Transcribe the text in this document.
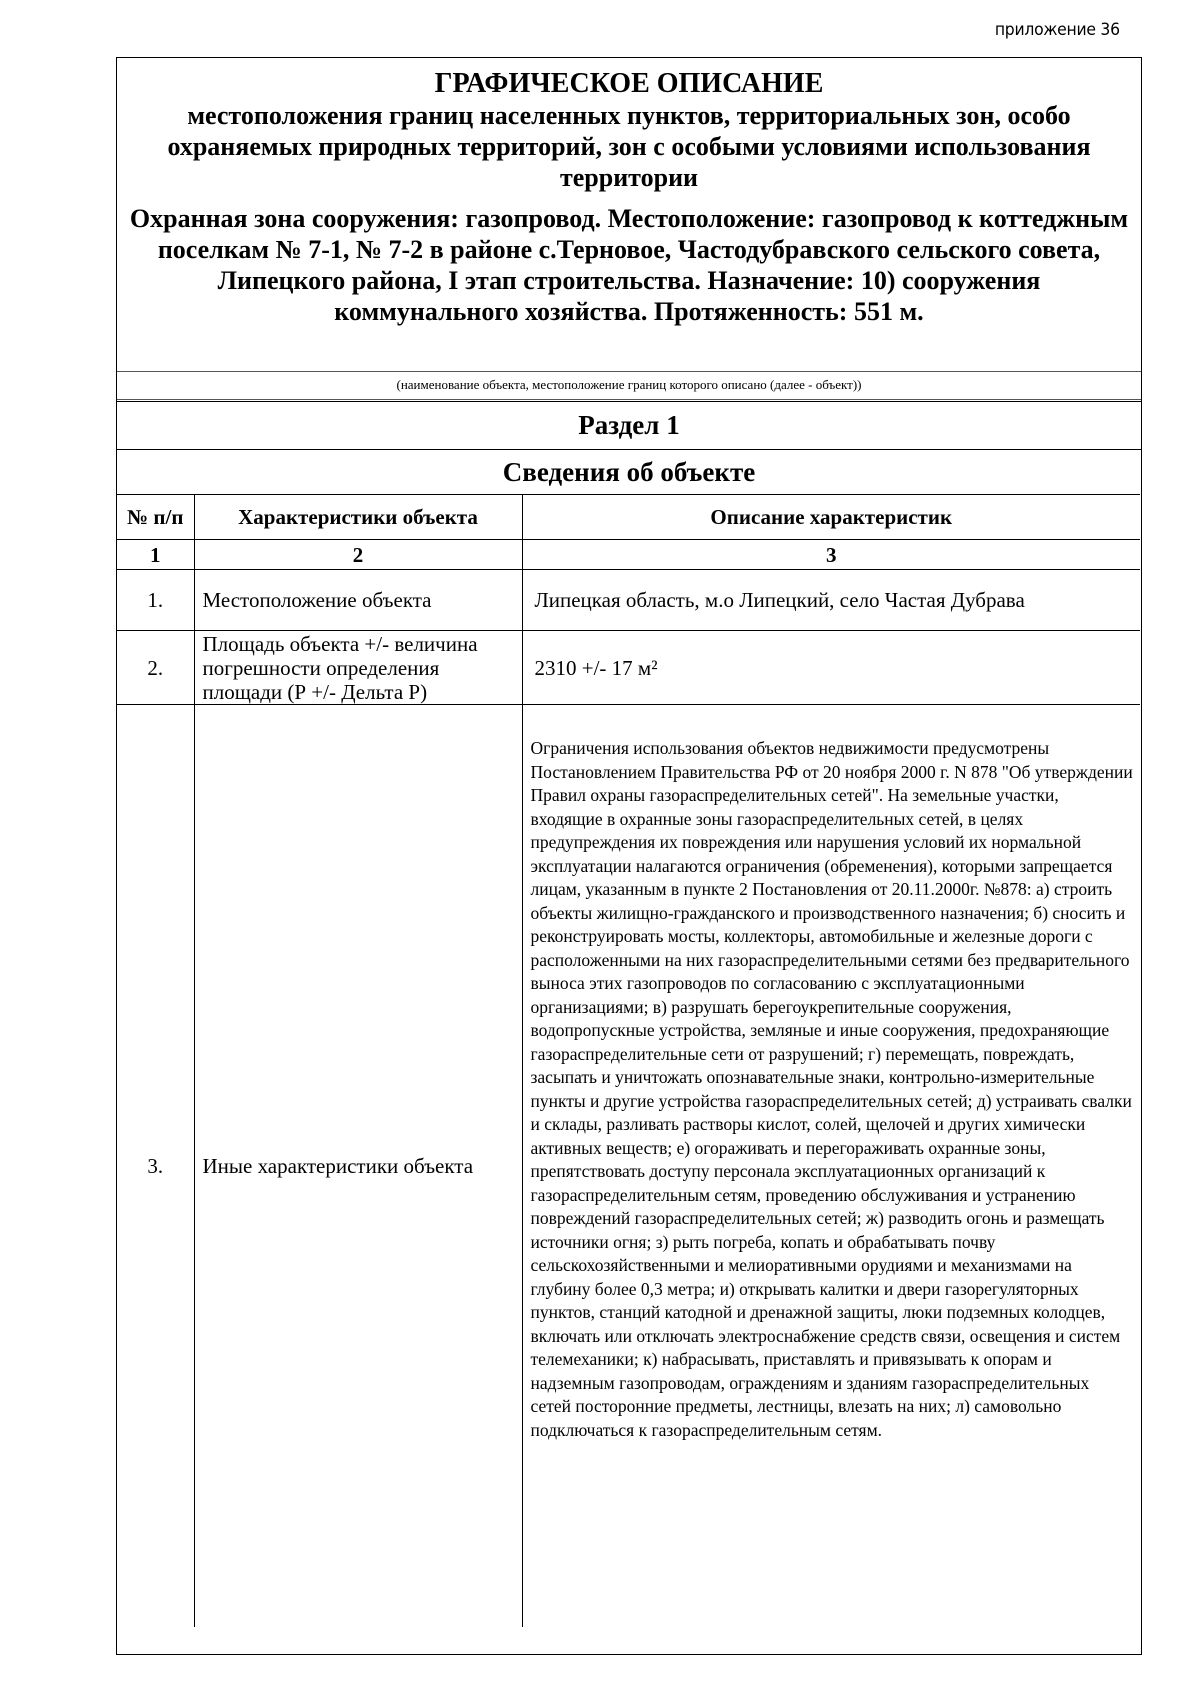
приложение 36
ГРАФИЧЕСКОЕ ОПИСАНИЕ
местоположения границ населенных пунктов, территориальных зон, особо охраняемых природных территорий, зон с особыми условиями использования территории
Охранная зона сооружения: газопровод. Местоположение: газопровод к коттеджным поселкам № 7-1, № 7-2 в районе с.Терновое, Частодубравского сельского совета,
Липецкого района, I этап строительства. Назначение: 10) сооружения коммунального хозяйства. Протяженность: 551 м.
(наименование объекта, местоположение границ которого описано (далее - объект))
Раздел 1
Сведения об объекте
№ п/п	Характеристики объекта	Описание характеристик
1	2	3
1.	Местоположение объекта	Липецкая область, м.о Липецкий, село Частая Дубрава
2.	Площадь объекта +/- величина погрешности определения площади (Р +/- Дельта Р)	2310 +/- 17 м²
3.	Иные характеристики объекта	Ограничения использования объектов недвижимости предусмотрены Постановлением Правительства РФ от 20 ноября 2000 г. N 878 "Об утверждении Правил охраны газораспределительных сетей". На земельные участки, входящие в охранные зоны газораспределительных сетей, в целях предупреждения их повреждения или нарушения условий их нормальной эксплуатации налагаются ограничения (обременения), которыми запрещается лицам, указанным в пункте 2 Постановления от 20.11.2000г. №878: а) строить объекты жилищно-гражданского и производственного назначения; б) сносить и реконструировать мосты, коллекторы, автомобильные и железные дороги с расположенными на них газораспределительными сетями без предварительного выноса этих газопроводов по согласованию с эксплуатационными организациями; в) разрушать берегоукрепительные сооружения, водопропускные устройства, земляные и иные сооружения, предохраняющие газораспределительные сети от разрушений; г) перемещать, повреждать, засыпать и уничтожать опознавательные знаки, контрольно-измерительные пункты и другие устройства газораспределительных сетей; д) устраивать свалки и склады, разливать растворы кислот, солей, щелочей и других химически активных веществ; е) огораживать и перегораживать охранные зоны, препятствовать доступу персонала эксплуатационных организаций к газораспределительным сетям, проведению обслуживания и устранению повреждений газораспределительных сетей; ж) разводить огонь и размещать источники огня; з) рыть погреба, копать и обрабатывать почву сельскохозяйственными и мелиоративными орудиями и механизмами на глубину более 0,3 метра; и) открывать калитки и двери газорегуляторных пунктов, станций катодной и дренажной защиты, люки подземных колодцев, включать или отключать электроснабжение средств связи, освещения и систем телемеханики; к) набрасывать, приставлять и привязывать к опорам и надземным газопроводам, ограждениям и зданиям газораспределительных сетей посторонние предметы, лестницы, влезать на них; л) самовольно подключаться к газораспределительным сетям.
